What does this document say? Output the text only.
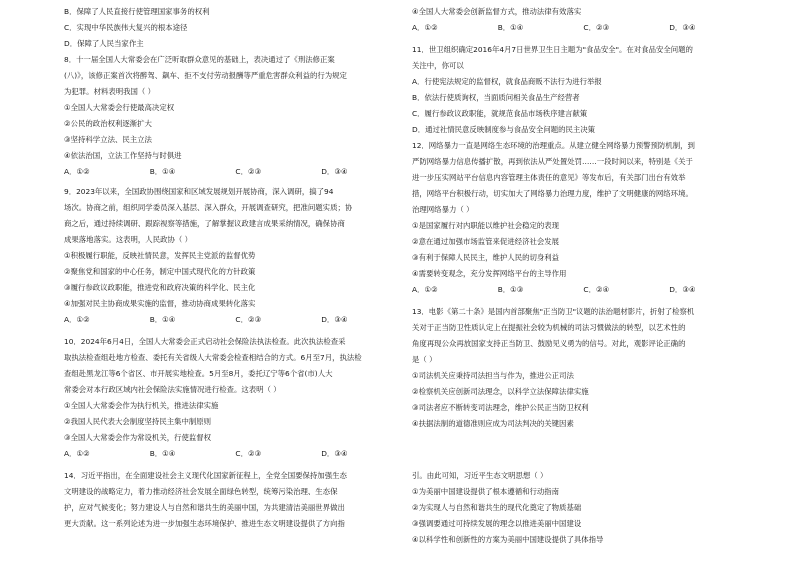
B．保障了人民直接行使管理国家事务的权利
C．实现中华民族伟大复兴的根本途径
D．保障了人民当家作主
8．十一届全国人大常委会在广泛听取群众意见的基础上，表决通过了《刑法修正案
(八)》，该修正案首次将醉驾、飙车、拒不支付劳动报酬等严重危害群众利益的行为规定
为犯罪。材料表明我国（ ）
①全国人大常委会行使最高决定权
②公民的政治权利逐渐扩大
③坚持科学立法、民主立法
④依法治国，立法工作坚持与时俱进
A．①②	B．①④	C．②③	D．③④
9．2023年以来，全国政协围绕国家和区域发展规划开展协商，深入调研，搞了94
场次。协商之前，组织同学委员深入基层、深入群众，开展调查研究，把准问题实质；协
商之后，通过持续调研、跟踪视察等措施，了解掌握议政建言成果采纳情况，确保协商
成果落地落实。这表明，人民政协（ ）
①积极履行职能，反映社情民意，发挥民主党派的监督优势
②聚焦党和国家的中心任务，制定中国式现代化的方针政策
③履行参政议政职能，推进党和政府决策的科学化、民主化
④加强对民主协商成果实施的监督，推动协商成果转化落实
A．①②	B．①④	C．②③	D．③④
10．2024年6月4日，全国人大常委会正式启动社会保险法执法检查。此次执法检查采
取执法检查组赴地方检查、委托有关省级人大常委会检查相结合的方式。6月至7月，执法检
查组赴黑龙江等6个省区、市开展实地检查。5月至8月，委托辽宁等6个省(市)人大
常委会对本行政区域内社会保险法实施情况进行检查。这表明（ ）
①全国人大常委会作为执行机关，推进法律实施
②我国人民代表大会制度坚持民主集中制原则
③全国人大常委会作为常设机关，行使监督权
A．①②	B．①④	C．②③	D．③④
14．习近平指出，在全面建设社会主义现代化国家新征程上，全党全国要保持加强生态
文明建设的战略定力，着力推动经济社会发展全面绿色转型，统筹污染治理、生态保
护，应对气候变化；努力建设人与自然和谐共生的美丽中国，为共建清洁美丽世界做出
更大贡献。这一系列论述为进一步加强生态环境保护、推进生态文明建设提供了方向指
④全国人大常委会创新监督方式，推动法律有效落实
A．①②	B．①④	C．②③	D．③④
11．世卫组织确定2016年4月7日世界卫生日主题为"食品安全"。在对食品安全问题的
关注中，你可以
A．行使宪法规定的监督权，就食品商贩不法行为进行举报
B．依法行使质询权，当面质问相关食品生产经营者
C．履行参政议政职能，就规范食品市场秩序建言献策
D．通过社情民意反映制度参与食品安全问题的民主决策
12．网络暴力一直是网络生态环境的治理重点。从建立健全网络暴力预警预防机制，到
严防网络暴力信息传播扩散，再到依法从严处置处罚……一段时间以来，特别是《关于
进一步压实网站平台信息内容管理主体责任的意见》等发布后，有关部门出台有效举
措，网络平台积极行动，切实加大了网络暴力治理力度，维护了文明健康的网络环境。
治理网络暴力（ ）
①是国家履行对内职能以维护社会稳定的表现
②意在通过加强市场监管来促进经济社会发展
③有利于保障人民民主，维护人民的切身利益
④需要转变观念，充分发挥网络平台的主导作用
A．①②	B．①③	C．②④	D．③④
13．电影《第二十条》是国内首部聚焦"正当防卫"议题的法治题材影片，折射了检察机
关对于正当防卫性质认定上在提振社会较为机械的司法习惯做法的转型，以艺术性的
角度再现公众再放国家支持正当防卫、鼓励见义勇为的信号。对此，观影评论正确的
是（ ）
①司法机关应秉持司法担当与作为，推进公正司法
②检察机关应创新司法理念，以科学立法保障法律实施
③司法者应不断转变司法理念，维护公民正当防卫权利
④扶据法制的道德准则应成为司法判决的关键因素
引。由此可知，习近平生态文明思想（ ）
①为美丽中国建设提供了根本遵循和行动指南
②为实现人与自然和谐共生的现代化奠定了物质基础
③强调要通过可持续发展的理念以推进美丽中国建设
④以科学性和创新性的方案为美丽中国建设提供了具体指导
